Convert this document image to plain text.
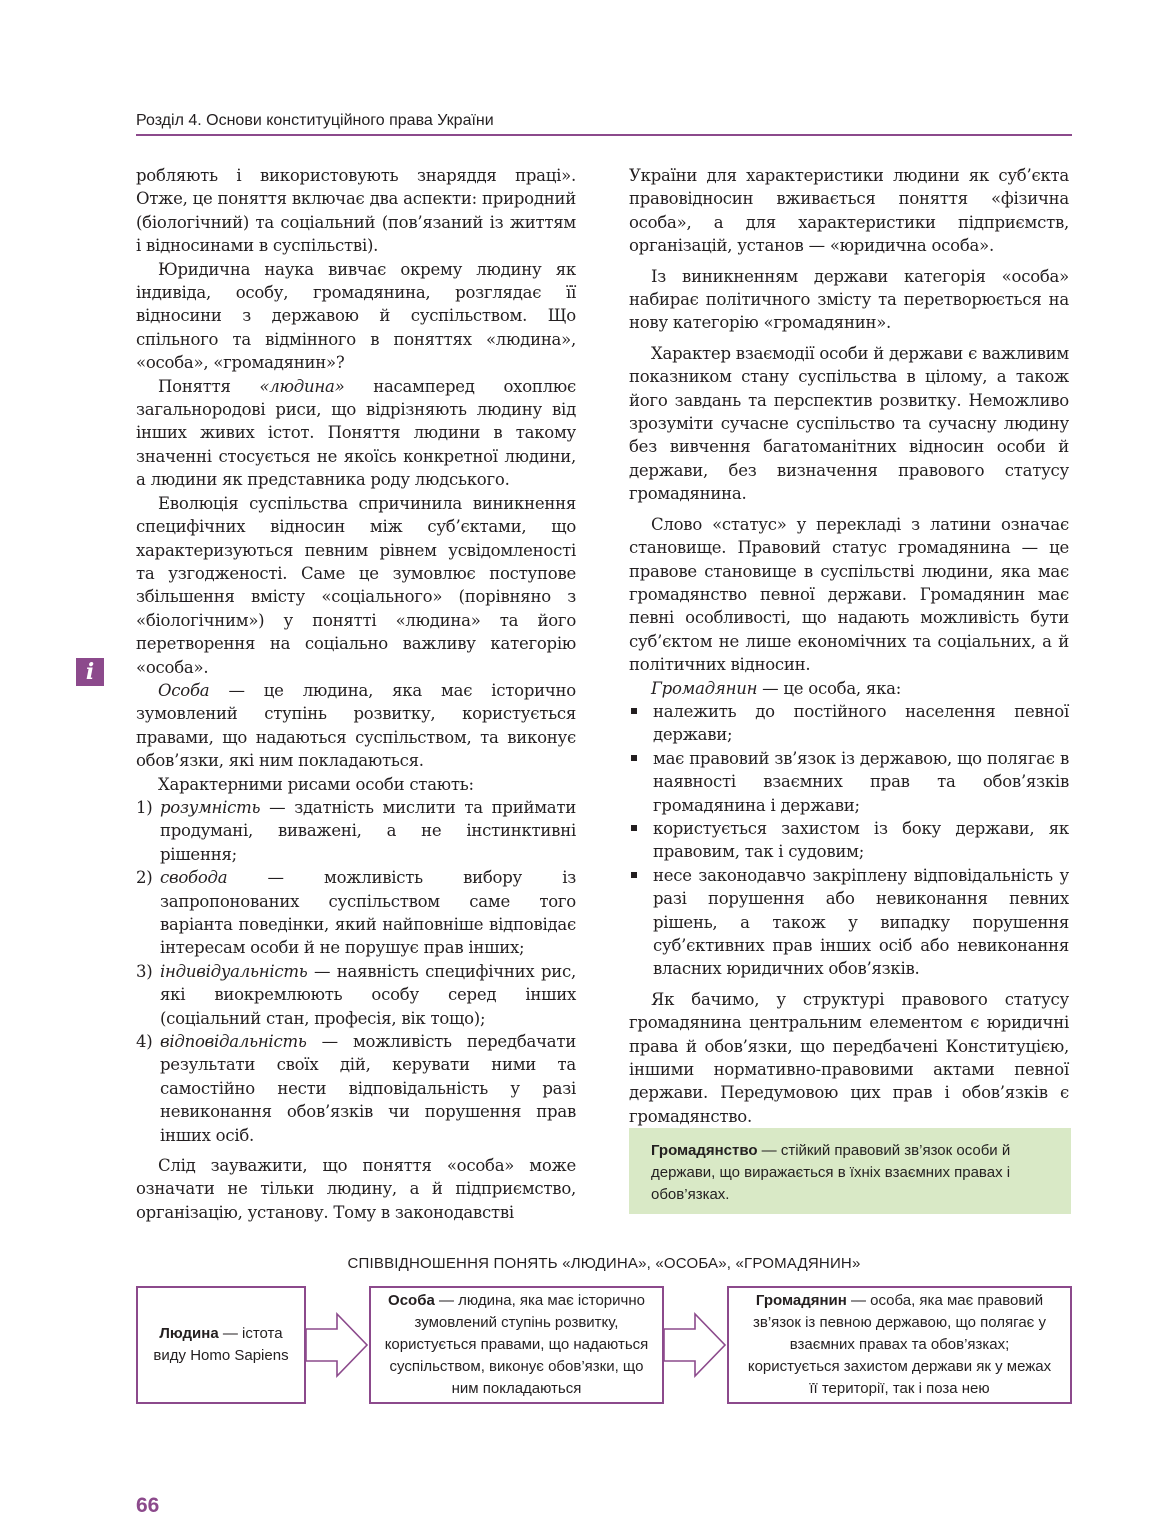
Розділ 4. Основи конституційного права України
i

робляють і використовують знаряддя праці». Отже, це поняття включає два аспекти: природний (біологічний) та соціальний (пов’язаний із життям і відносинами в суспільстві).

Юридична наука вивчає окрему людину як індивіда, особу, громадянина, розглядає її відносини з державою й суспільством. Що спільного та відмінного в поняттях «людина», «особа», «громадянин»?

Поняття «людина» насамперед охоплює загальнородові риси, що відрізняють людину від інших живих істот. Поняття людини в такому значенні стосується не якоїсь конкретної людини, а людини як представника роду людського.

Еволюція суспільства спричинила виникнення специфічних відносин між суб’єктами, що характеризуються певним рівнем усвідомленості та узгодженості. Саме це зумовлює поступове збільшення вмісту «соціального» (порівняно з «біологічним») у понятті «людина» та його перетворення на соціально важливу категорію «особа».

Особа — це людина, яка має історично зумовлений ступінь розвитку, користується правами, що надаються суспільством, та виконує обов’язки, які ним покладаються.

Характерними рисами особи стають:

1) розумність — здатність мислити та приймати продумані, виважені, а не інстинктивні рішення;
2) свобода — можливість вибору із запропонованих суспільством саме того варіанта поведінки, який найповніше відповідає інтересам особи й не порушує прав інших;
3) індивідуальність — наявність специфічних рис, які виокремлюють особу серед інших (соціальний стан, професія, вік тощо);
4) відповідальність — можливість передбачати результати своїх дій, керувати ними та самостійно нести відповідальність у разі невиконання обов’язків чи порушення прав інших осіб.

Слід зауважити, що поняття «особа» може означати не тільки людину, а й підприємство, організацію, установу. Тому в законодавстві

України для характеристики людини як суб’єкта правовідносин вживається поняття «фізична особа», а для характеристики підприємств, організацій, установ — «юридична особа».

Із виникненням держави категорія «особа» набирає політичного змісту та перетворюється на нову категорію «громадянин».

Характер взаємодії особи й держави є важливим показником стану суспільства в цілому, а також його завдань та перспектив розвитку. Неможливо зрозуміти сучасне суспільство та сучасну людину без вивчення багатоманітних відносин особи й держави, без визначення правового статусу громадянина.

Слово «статус» у перекладі з латини означає становище. Правовий статус громадянина — це правове становище в суспільстві людини, яка має громадянство певної держави. Громадянин має певні особливості, що надають можливість бути суб’єктом не лише економічних та соціальних, а й політичних відносин.

Громадянин — це особа, яка:

належить до постійного населення певної держави;
має правовий зв’язок із державою, що полягає в наявності взаємних прав та обов’язків громадянина і держави;
користується захистом із боку держави, як правовим, так і судовим;
несе законодавчо закріплену відповідальність у разі порушення або невиконання певних рішень, а також у випадку порушення суб’єктивних прав інших осіб або невиконання власних юридичних обов’язків.

Як бачимо, у структурі правового статусу громадянина центральним елементом є юридичні права й обов’язки, що передбачені Конституцією, іншими нормативно-правовими актами певної держави. Передумовою цих прав і обов’язків є громадянство.

Громадянство — стійкий правовий зв’язок особи й держави, що виражається в їхніх взаємних правах і обов’язках.
СПІВВІДНОШЕННЯ ПОНЯТЬ «ЛЮДИНА», «ОСОБА», «ГРОМАДЯНИН»
Людина — істота виду Homo Sapiens
Особа — людина, яка має історично зумовлений ступінь розвитку, користується правами, що надаються суспільством, виконує обов’язки, що ним покладаються
Громадянин — особа, яка має правовий зв’язок із певною державою, що полягає у взаємних правах та обов’язках; користується захистом держави як у межах її території, так і поза нею
66
